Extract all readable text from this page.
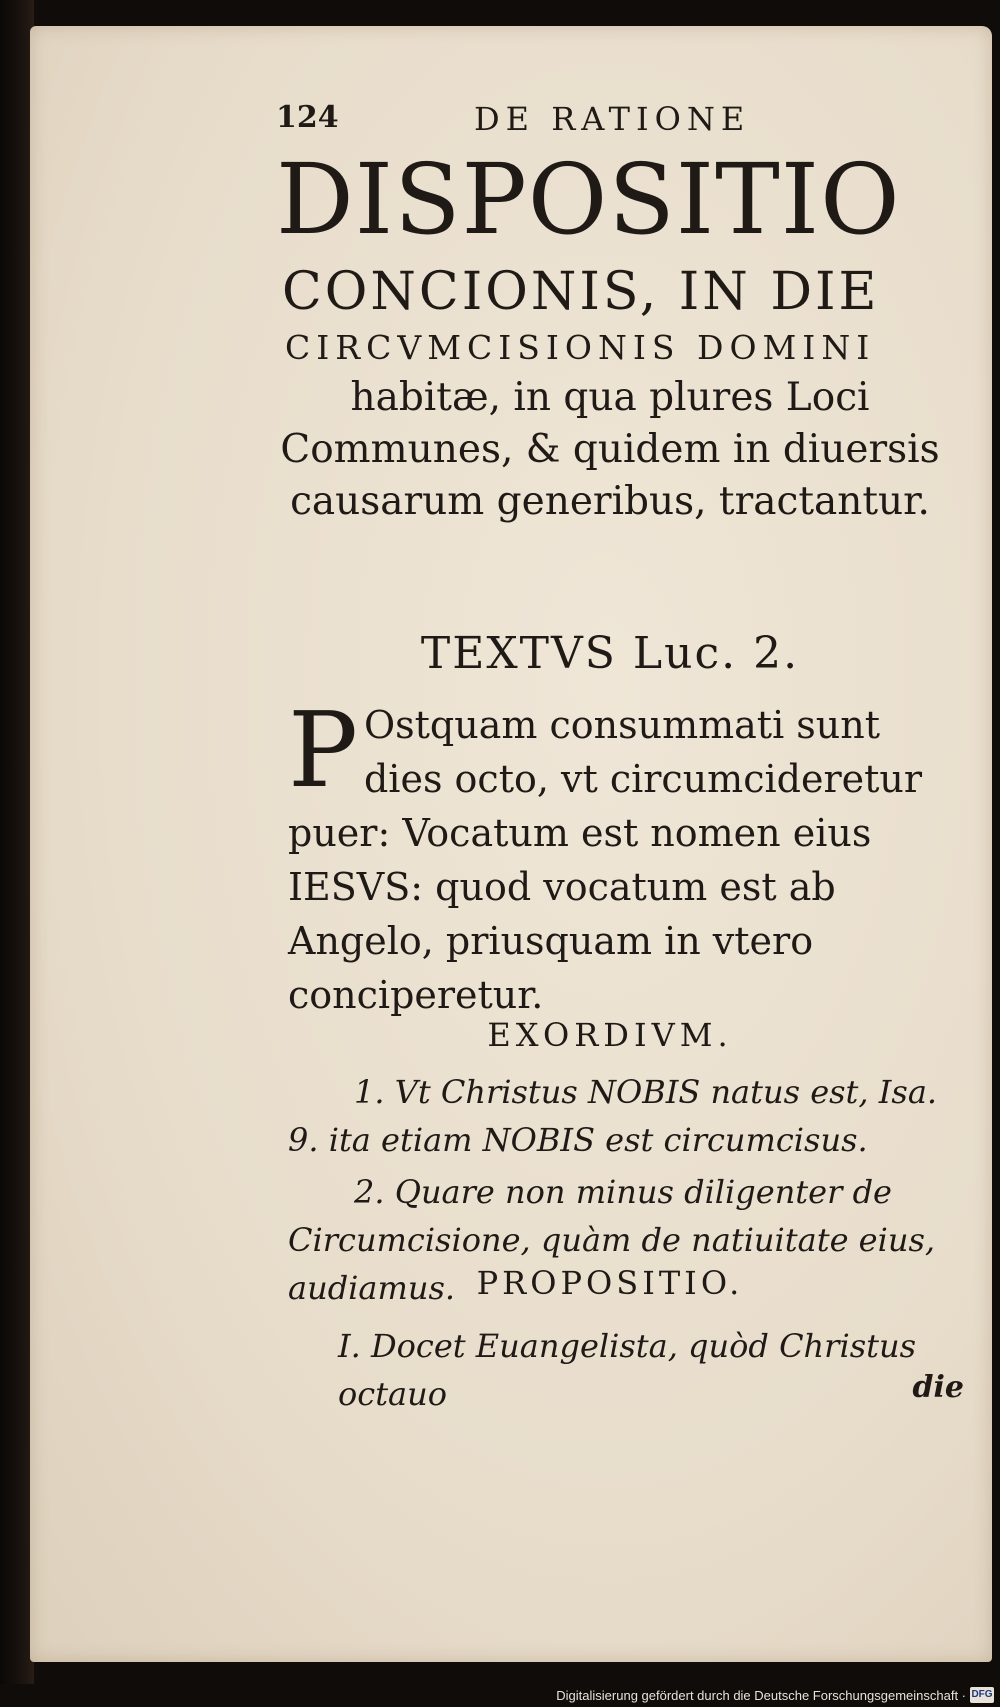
124	DE RATIONE
DISPOSITIO
CONCIONIS, IN DIE
CIRCVMCISIONIS DOMINI
habitæ, in qua plures Loci Communes, & quidem in diuersis causarum generibus, tractantur.
TEXTVS Luc. 2.
P Ostquam consummati sunt dies octo, vt circumcideretur puer: Vocatum est nomen eius IESVS: quod vocatum est ab Angelo, priusquam in vtero conciperetur.
EXORDIVM.

1. Vt Christus NOBIS natus est, Isa. 9. ita etiam NOBIS est circumcisus.

2. Quare non minus diligenter de Circumcisione, quàm de natiuitate eius, audiamus. PROPOSITIO.
I. Docet Euangelista, quòd Christus octauo	die
Digitalisierung gefördert durch die Deutsche Forschungsgemeinschaft · DFG
